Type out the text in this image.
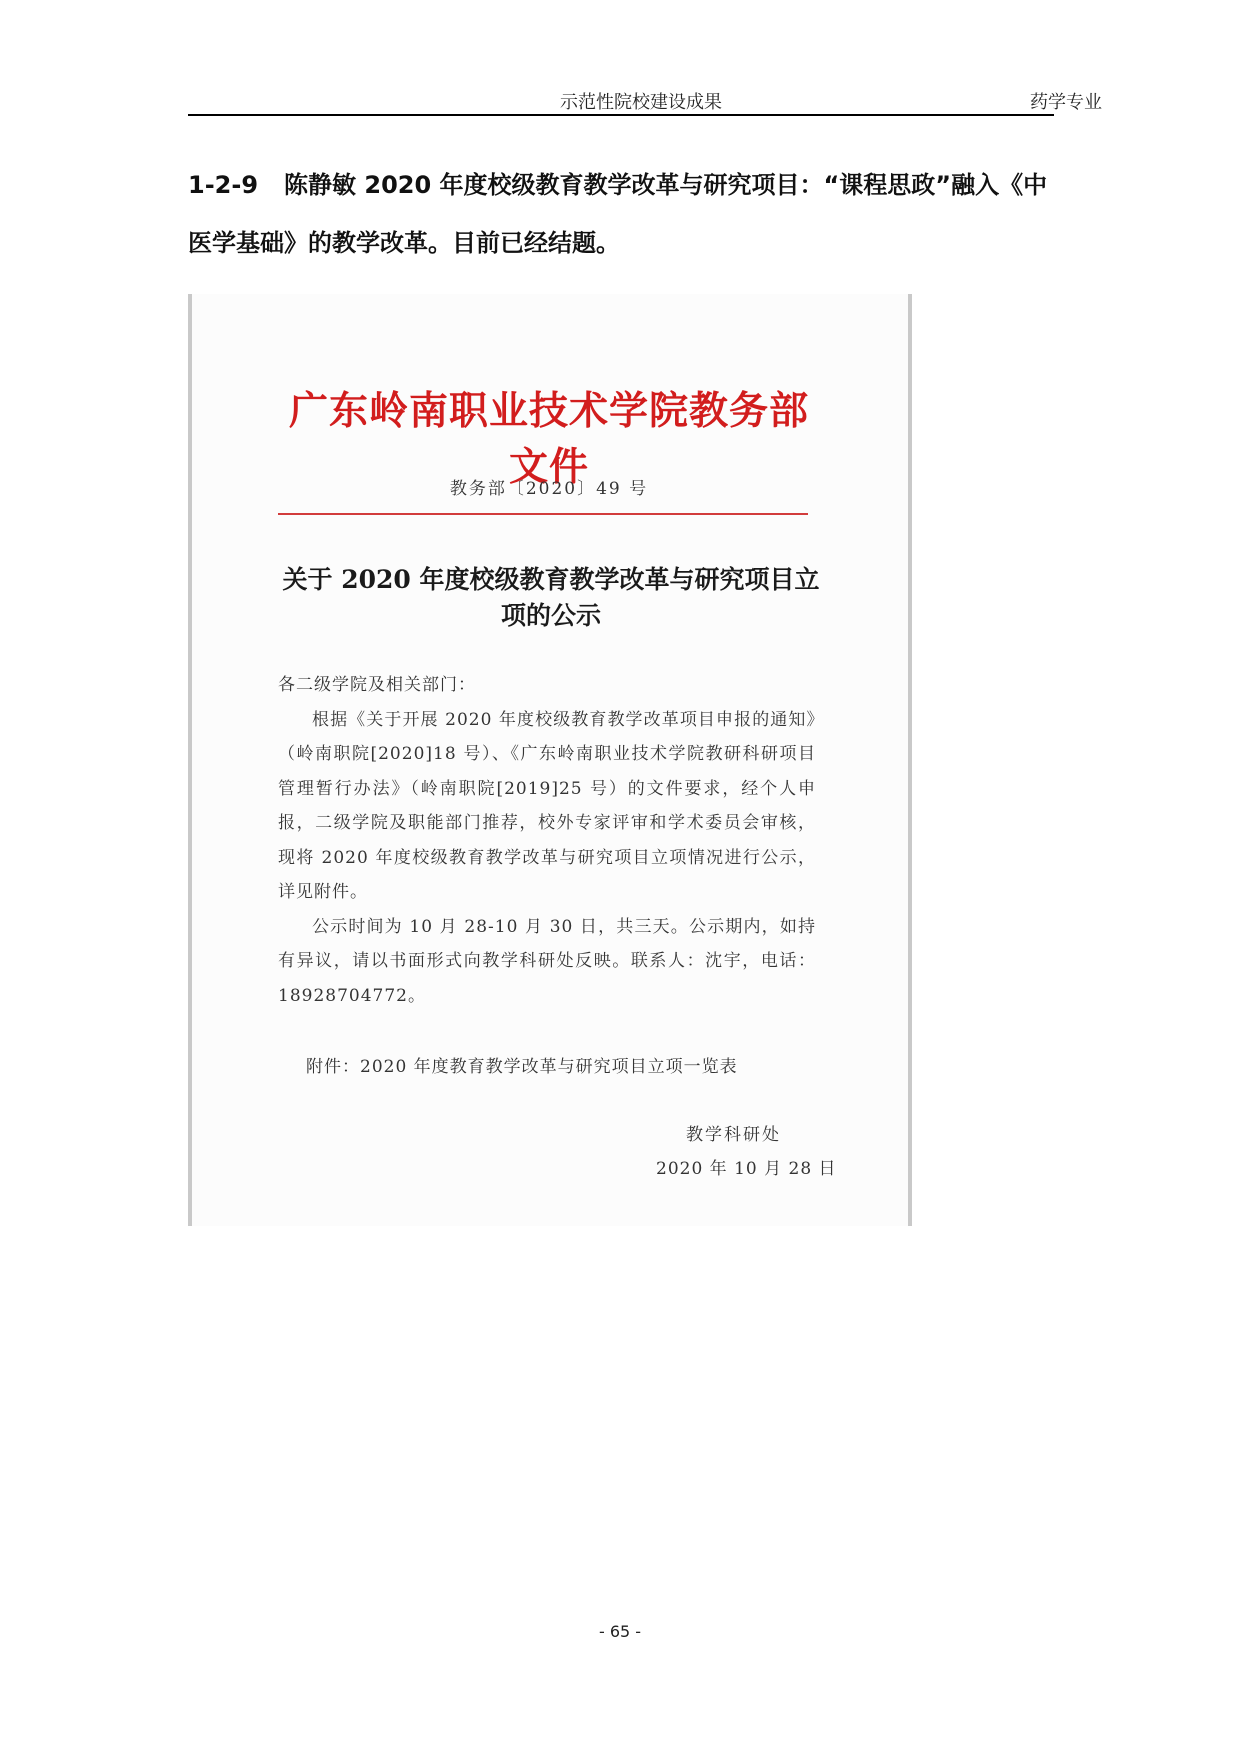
示范性院校建设成果	药学专业
1-2-9 陈静敏 2020 年度校级教育教学改革与研究项目：“课程思政”融入《中医学基础》的教学改革。目前已经结题。
广东岭南职业技术学院教务部文件
教务部〔2020〕49 号
关于 2020 年度校级教育教学改革与研究项目立项的公示

各二级学院及相关部门：

根据《关于开展 2020 年度校级教育教学改革项目申报的通知》（岭南职院[2020]18 号）、《广东岭南职业技术学院教研科研项目管理暂行办法》（岭南职院[2019]25 号）的文件要求，经个人申报，二级学院及职能部门推荐，校外专家评审和学术委员会审核，现将 2020 年度校级教育教学改革与研究项目立项情况进行公示，详见附件。

公示时间为 10 月 28-10 月 30 日，共三天。公示期内，如持有异议，请以书面形式向教学科研处反映。联系人：沈宇，电话：18928704772。

附件：2020 年度教育教学改革与研究项目立项一览表
教学科研处
2020 年 10 月 28 日
- 65 -
